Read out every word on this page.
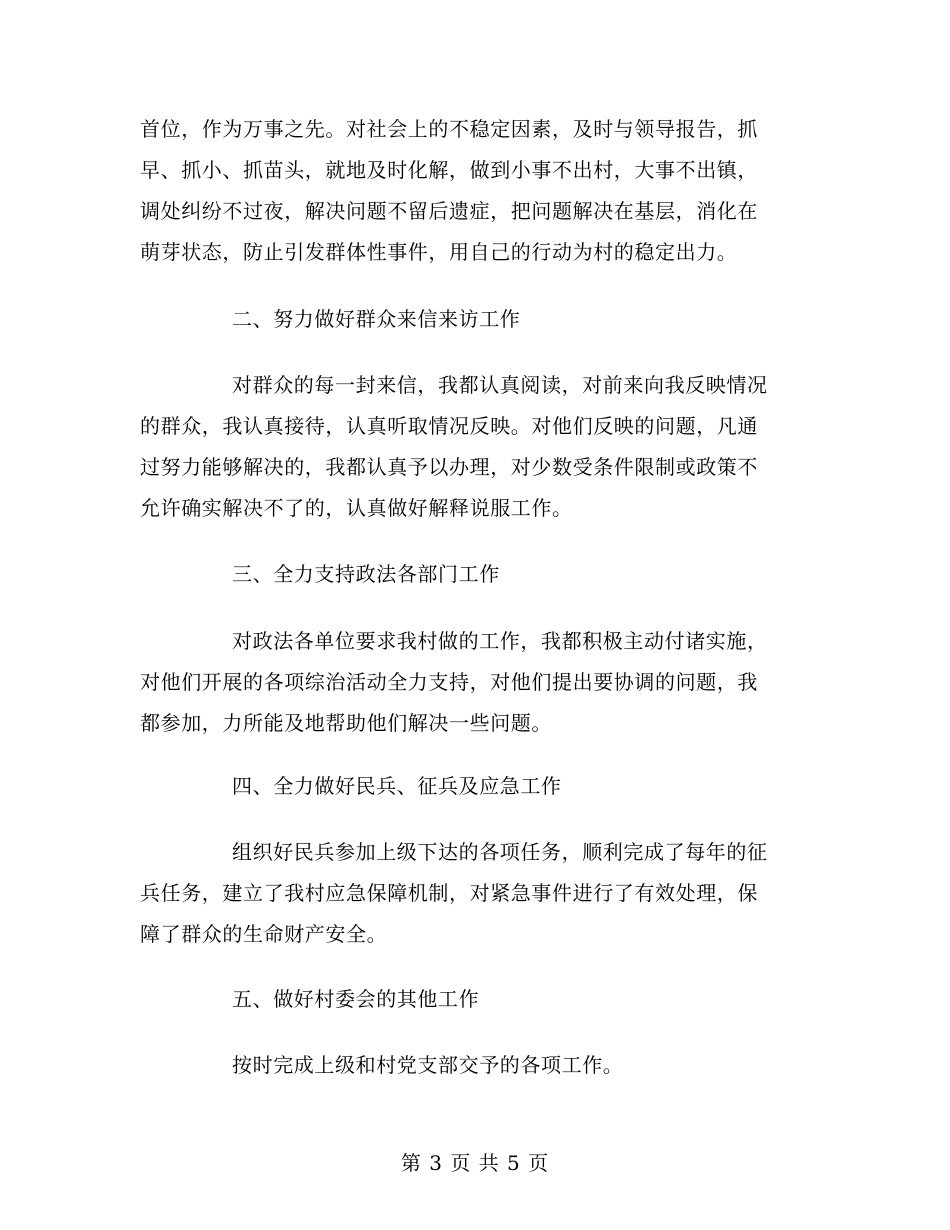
首位，作为万事之先。对社会上的不稳定因素，及时与领导报告，抓
早、抓小、抓苗头，就地及时化解，做到小事不出村，大事不出镇，
调处纠纷不过夜，解决问题不留后遗症，把问题解决在基层，消化在
萌芽状态，防止引发群体性事件，用自己的行动为村的稳定出力。
二、努力做好群众来信来访工作
对群众的每一封来信，我都认真阅读，对前来向我反映情况
的群众，我认真接待，认真听取情况反映。对他们反映的问题，凡通
过努力能够解决的，我都认真予以办理，对少数受条件限制或政策不
允许确实解决不了的，认真做好解释说服工作。
三、全力支持政法各部门工作
对政法各单位要求我村做的工作，我都积极主动付诸实施，
对他们开展的各项综治活动全力支持，对他们提出要协调的问题，我
都参加，力所能及地帮助他们解决一些问题。
四、全力做好民兵、征兵及应急工作
组织好民兵参加上级下达的各项任务，顺利完成了每年的征
兵任务，建立了我村应急保障机制，对紧急事件进行了有效处理，保
障了群众的生命财产安全。
五、做好村委会的其他工作
按时完成上级和村党支部交予的各项工作。
第 3 页 共 5 页
